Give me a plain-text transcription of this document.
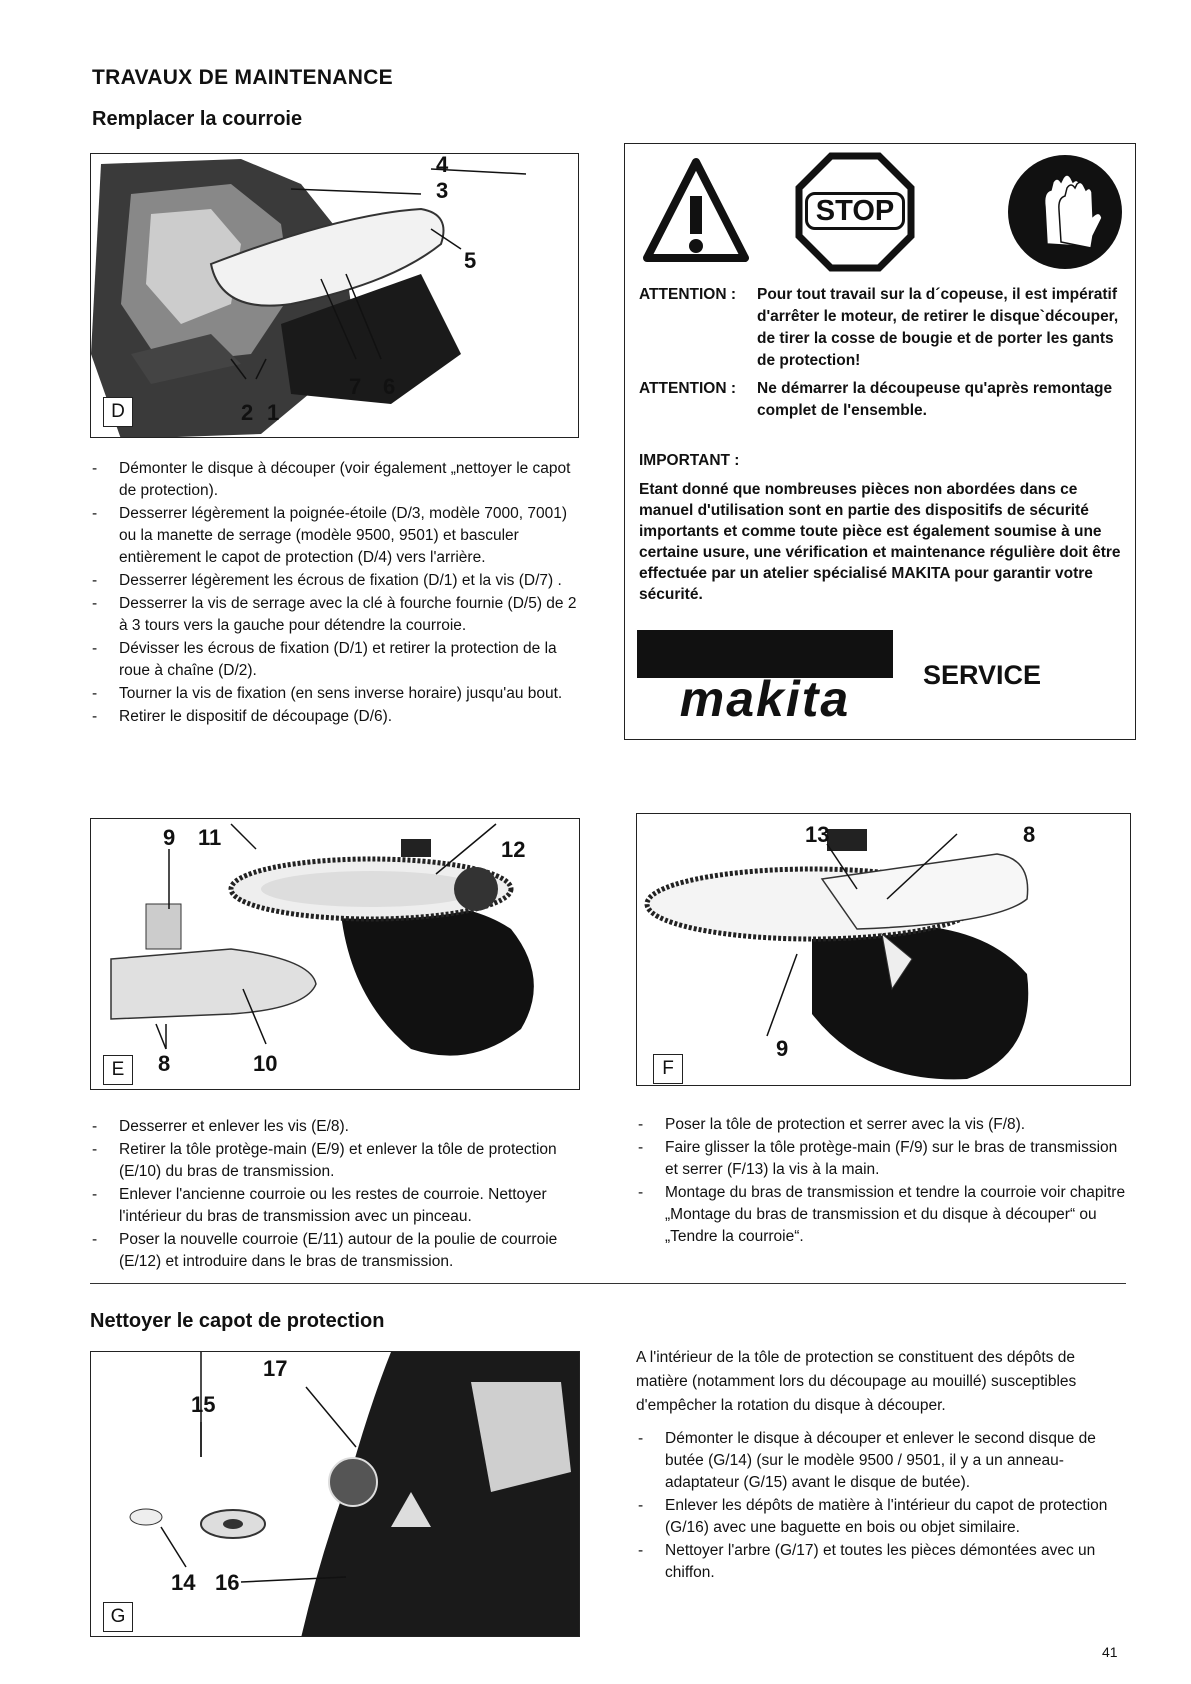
TRAVAUX DE MAINTENANCE
Remplacer la courroie
4
3
5
7 6
2 1
D
- Démonter le disque à découper (voir également „nettoyer le capot de protection).
- Desserrer légèrement la poignée-étoile (D/3, modèle 7000, 7001) ou la manette de serrage (modèle 9500, 9501) et basculer entièrement le capot de protection (D/4) vers l'arrière.
- Desserrer légèrement les écrous de fixation (D/1) et la vis (D/7) .
- Desserrer la vis de serrage avec la clé à fourche fournie (D/5) de 2 à 3 tours vers la gauche pour détendre la courroie.
- Dévisser les écrous de fixation (D/1) et retirer la protection de la roue à chaîne (D/2).
- Tourner la vis de fixation (en sens inverse horaire) jusqu'au bout.
- Retirer le dispositif de découpage (D/6).
STOP
ATTENTION :	Pour tout travail sur la d´copeuse, il est impératif d'arrêter le moteur, de retirer le disque`découper, de tirer la cosse de bougie et de porter les gants de protection!
ATTENTION :	Ne démarrer la découpeuse qu'après remontage complet de l'ensemble.
IMPORTANT :
Etant donné que nombreuses pièces non abordées dans ce manuel d'utilisation sont en partie des dispositifs de sécurité importants et comme toute pièce est également soumise à une certaine usure, une vérification et maintenance régulière doit être effectuée par un atelier spécialisé MAKITA pour garantir votre sécurité.
makita	SERVICE
9 11	12
8	10
E
- Desserrer et enlever les vis (E/8).
- Retirer la tôle protège-main (E/9) et enlever la tôle de protection (E/10) du bras de transmission.
- Enlever l'ancienne courroie ou les restes de courroie. Nettoyer l'intérieur du bras de transmission avec un pinceau.
- Poser la nouvelle courroie (E/11) autour de la poulie de courroie (E/12) et introduire dans le bras de transmission.
13	8
9
F
- Poser la tôle de protection et serrer avec la vis (F/8).
- Faire glisser la tôle protège-main (F/9) sur le bras de transmission et serrer (F/13) la vis à la main.
- Montage du bras de transmission et tendre la courroie voir chapitre „Montage du bras de transmission et du disque à découper“ ou „Tendre la courroie“.
Nettoyer le capot de protection
17
15
14 16
G
A l'intérieur de la tôle de protection se constituent des dépôts de matière (notamment lors du découpage au mouillé) susceptibles d'empêcher la rotation du disque à découper.
- Démonter le disque à découper et enlever le second disque de butée (G/14) (sur le modèle 9500 / 9501, il y a un anneau-adaptateur (G/15) avant le disque de butée).
- Enlever les dépôts de matière à l'intérieur du capot de protection (G/16) avec une baguette en bois ou objet similaire.
- Nettoyer l'arbre (G/17) et toutes les pièces démontées avec un chiffon.
41
